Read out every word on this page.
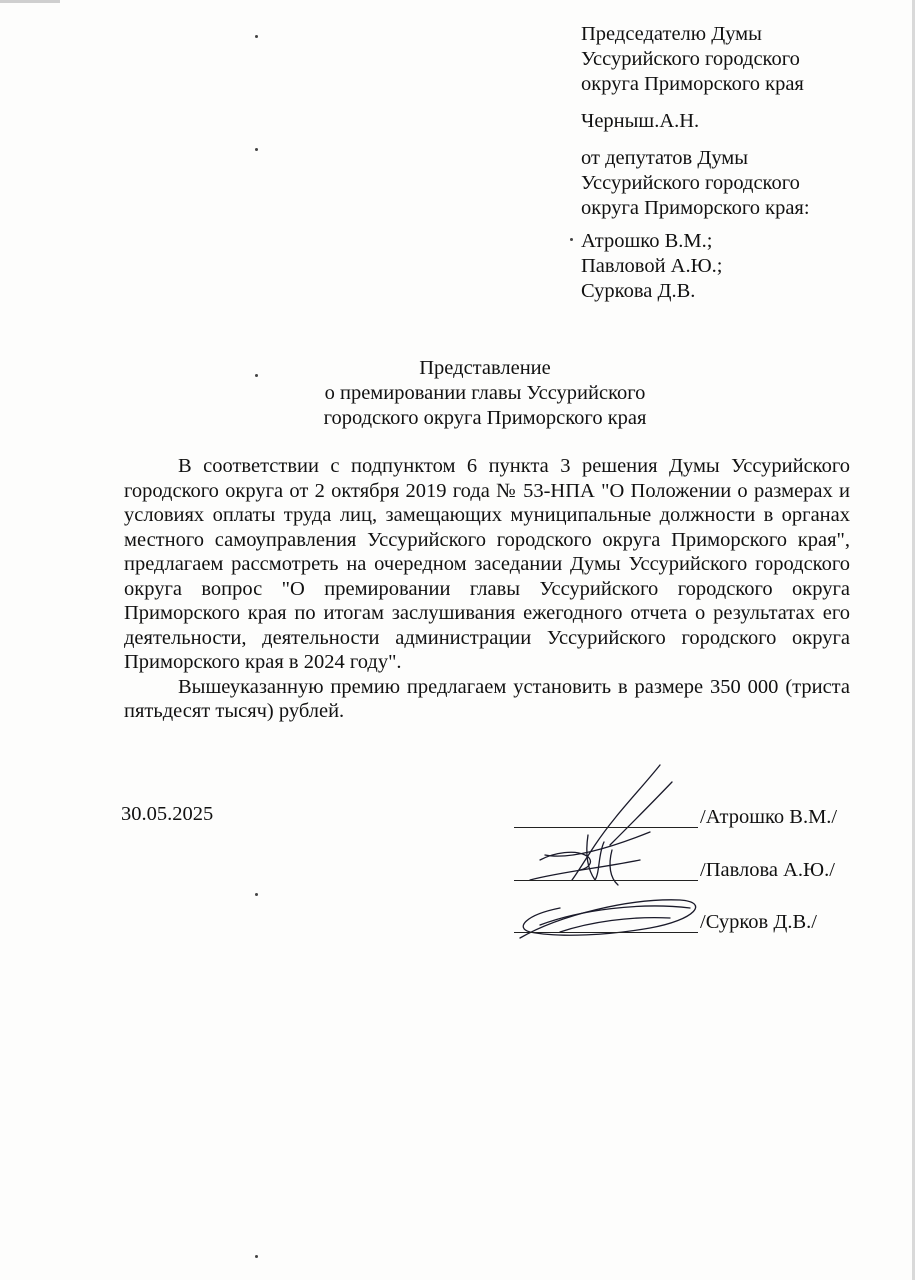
Председателю Думы
Уссурийского городского
округа Приморского края
Черныш.А.Н.
от депутатов Думы
Уссурийского городского
округа Приморского края:
Атрошко В.М.;
Павловой А.Ю.;
Суркова Д.В.
Представление
о премировании главы Уссурийского
городского округа Приморского края

В соответствии с подпунктом 6 пункта 3 решения Думы Уссурийского городского округа от 2 октября 2019 года № 53-НПА "О Положении о размерах и условиях оплаты труда лиц, замещающих муниципальные должности в органах местного самоуправления Уссурийского городского округа Приморского края", предлагаем рассмотреть на очередном заседании Думы Уссурийского городского округа вопрос "О премировании главы Уссурийского городского округа Приморского края по итогам заслушивания ежегодного отчета о результатах его деятельности, деятельности администрации Уссурийского городского округа Приморского края в 2024 году".

Вышеуказанную премию предлагаем установить в размере 350 000 (триста пятьдесят тысяч) рублей.

30.05.2025	/Атрошко В.М./
/Павлова А.Ю./
/Сурков Д.В./
